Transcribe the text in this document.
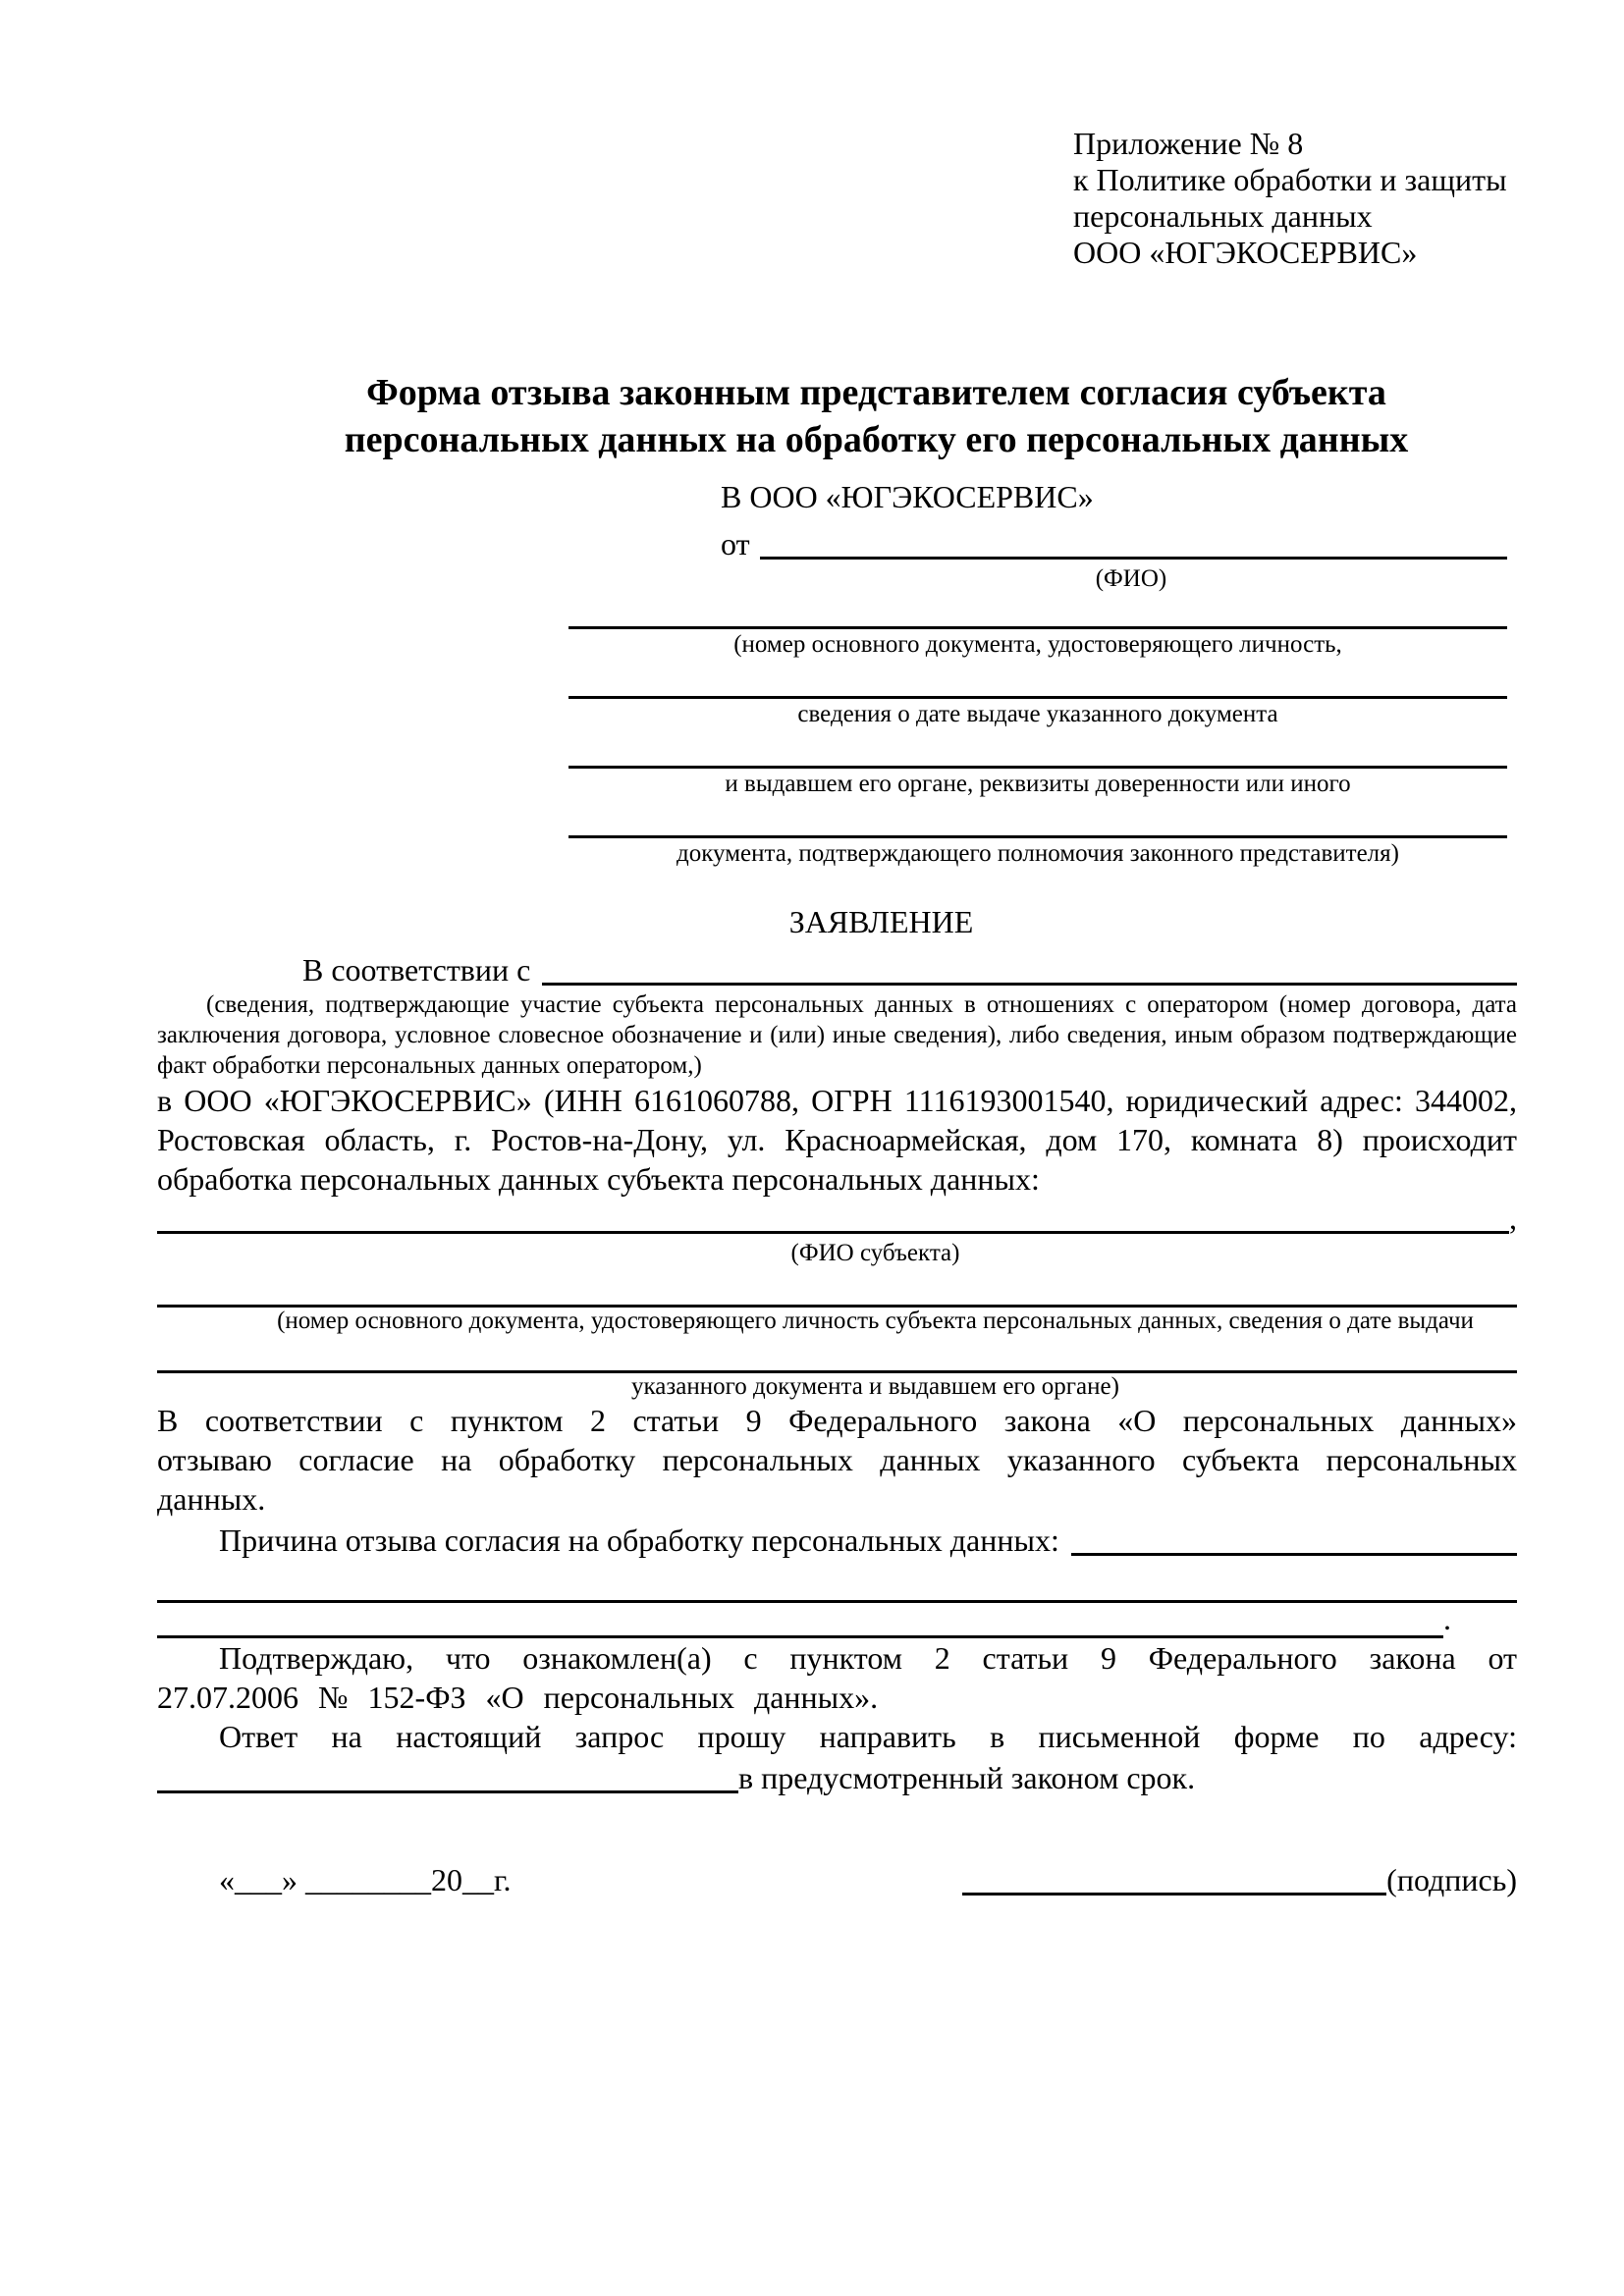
Приложение № 8
к Политике обработки и защиты
персональных данных
ООО «ЮГЭКОСЕРВИС»
Форма отзыва законным представителем согласия субъекта персональных данных на обработку его персональных данных
В ООО «ЮГЭКОСЕРВИС»
от
(ФИО)
(номер основного документа, удостоверяющего личность,
сведения о дате выдаче указанного документа
и выдавшем его органе, реквизиты доверенности или иного
документа, подтверждающего полномочия законного представителя)
ЗАЯВЛЕНИЕ
В соответствии с
(сведения, подтверждающие участие субъекта персональных данных в отношениях с оператором (номер договора, дата заключения договора, условное словесное обозначение и (или) иные сведения), либо сведения, иным образом подтверждающие факт обработки персональных данных оператором,)

в ООО «ЮГЭКОСЕРВИС» (ИНН 6161060788, ОГРН 1116193001540, юридический адрес: 344002, Ростовская область, г. Ростов-на-Дону, ул. Красноармейская, дом 170, комната 8) происходит обработка персональных данных субъекта персональных данных:

,
(ФИО субъекта)
(номер основного документа, удостоверяющего личность субъекта персональных данных, сведения о дате выдачи
указанного документа и выдавшем его органе)

В соответствии с пунктом 2 статьи 9 Федерального закона «О персональных данных» отзываю согласие на обработку персональных данных указанного субъекта персональных данных.

Причина отзыва согласия на обработку персональных данных:
.

Подтверждаю, что ознакомлен(а) с пунктом 2 статьи 9 Федерального закона от 27.07.2006 № 152-ФЗ «О персональных данных».

Ответ на настоящий запрос прошу направить в письменной форме по адресу:

в предусмотренный законом срок.
«___» ________20__г.	(подпись)
